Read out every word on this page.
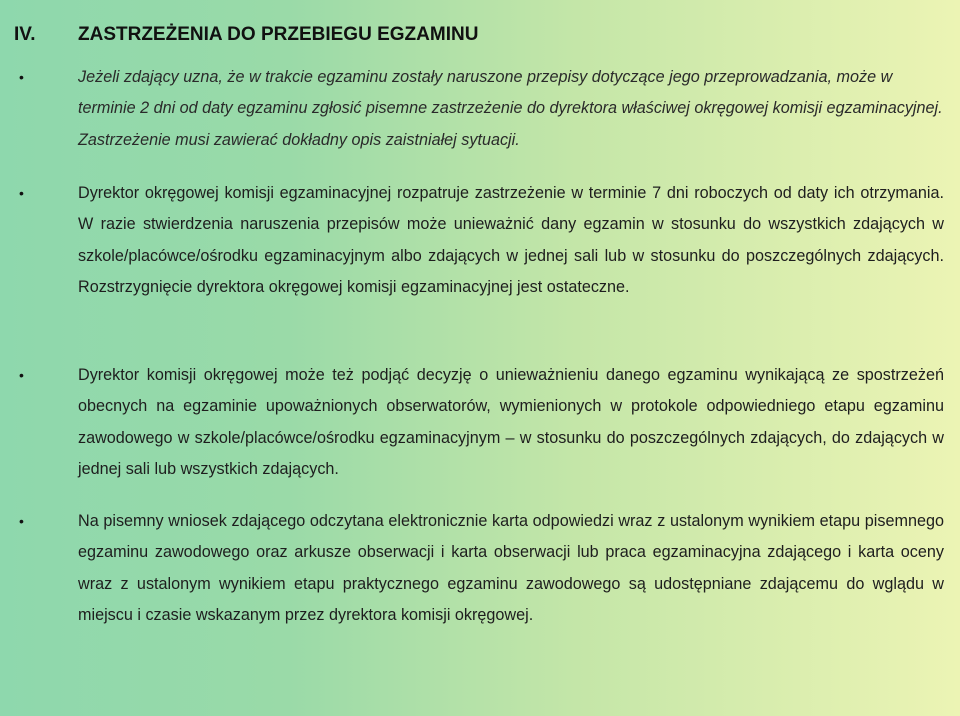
IV. ZASTRZEŻENIA DO PRZEBIEGU EGZAMINU
•	Jeżeli zdający uzna, że w trakcie egzaminu zostały naruszone przepisy dotyczące jego przeprowadzania, może w terminie 2 dni od daty egzaminu zgłosić pisemne zastrzeżenie do dyrektora właściwej okręgowej komisji egzaminacyjnej. Zastrzeżenie musi zawierać dokładny opis zaistniałej sytuacji.
•	Dyrektor okręgowej komisji egzaminacyjnej rozpatruje zastrzeżenie w terminie 7 dni roboczych od daty ich otrzymania. W razie stwierdzenia naruszenia przepisów może unieważnić dany egzamin w stosunku do wszystkich zdających w szkole/placówce/ośrodku egzaminacyjnym albo zdających w jednej sali lub w stosunku do poszczególnych zdających. Rozstrzygnięcie dyrektora okręgowej komisji egzaminacyjnej jest ostateczne.
•	Dyrektor komisji okręgowej może też podjąć decyzję o unieważnieniu danego egzaminu wynikającą ze spostrzeżeń obecnych na egzaminie upoważnionych obserwatorów, wymienionych w protokole odpowiedniego etapu egzaminu zawodowego w szkole/placówce/ośrodku egzaminacyjnym – w stosunku do poszczególnych zdających, do zdających w jednej sali lub wszystkich zdających.
•	Na pisemny wniosek zdającego odczytana elektronicznie karta odpowiedzi wraz z ustalonym wynikiem etapu pisemnego egzaminu zawodowego oraz arkusze obserwacji i karta obserwacji lub praca egzaminacyjna zdającego i karta oceny wraz z ustalonym wynikiem etapu praktycznego egzaminu zawodowego są udostępniane zdającemu do wglądu w miejscu i czasie wskazanym przez dyrektora komisji okręgowej.
